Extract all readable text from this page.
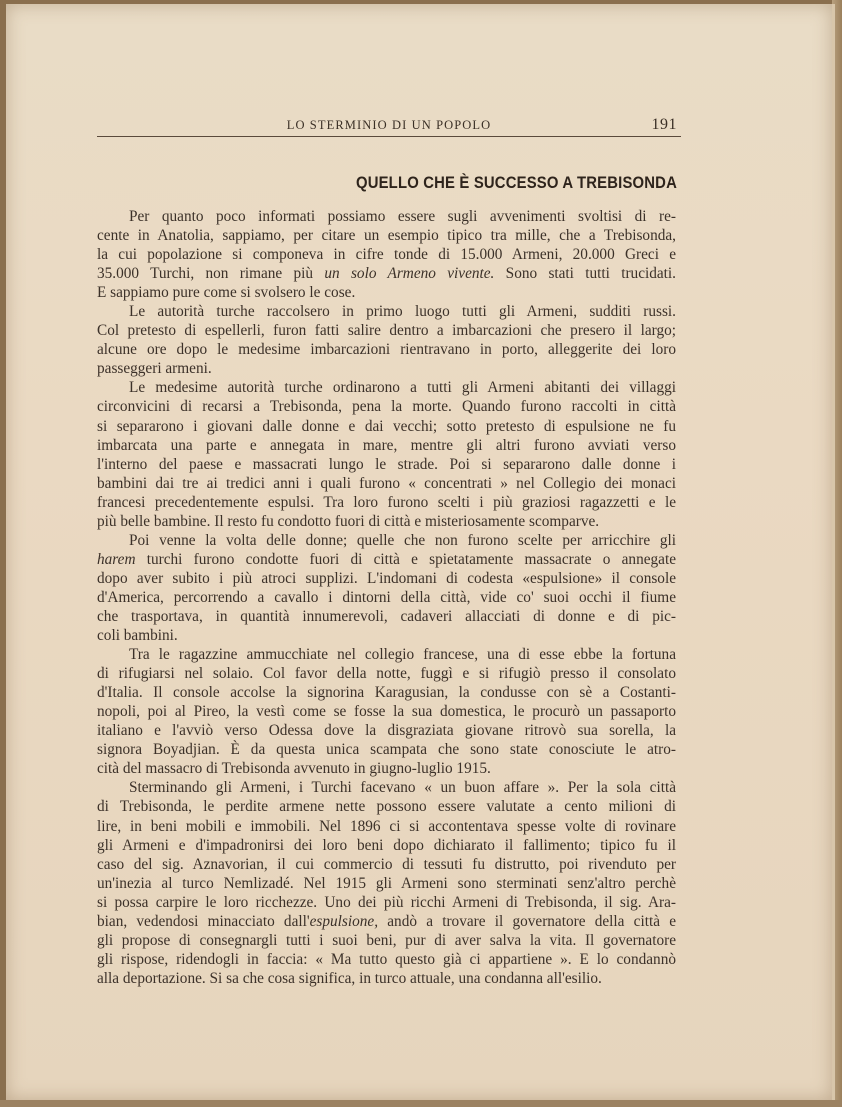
LO STERMINIO DI UN POPOLO	191
QUELLO CHE È SUCCESSO A TREBISONDA
Per quanto poco informati possiamo essere sugli avvenimenti svoltisi di re-
cente in Anatolia, sappiamo, per citare un esempio tipico tra mille, che a Trebisonda,
la cui popolazione si componeva in cifre tonde di 15.000 Armeni, 20.000 Greci e
35.000 Turchi, non rimane più un solo Armeno vivente. Sono stati tutti trucidati.
E sappiamo pure come si svolsero le cose.
Le autorità turche raccolsero in primo luogo tutti gli Armeni, sudditi russi.
Col pretesto di espellerli, furon fatti salire dentro a imbarcazioni che presero il largo;
alcune ore dopo le medesime imbarcazioni rientravano in porto, alleggerite dei loro
passeggeri armeni.
Le medesime autorità turche ordinarono a tutti gli Armeni abitanti dei villaggi
circonvicini di recarsi a Trebisonda, pena la morte. Quando furono raccolti in città
si separarono i giovani dalle donne e dai vecchi; sotto pretesto di espulsione ne fu
imbarcata una parte e annegata in mare, mentre gli altri furono avviati verso
l'interno del paese e massacrati lungo le strade. Poi si separarono dalle donne i
bambini dai tre ai tredici anni i quali furono « concentrati » nel Collegio dei monaci
francesi precedentemente espulsi. Tra loro furono scelti i più graziosi ragazzetti e le
più belle bambine. Il resto fu condotto fuori di città e misteriosamente scomparve.
Poi venne la volta delle donne; quelle che non furono scelte per arricchire gli
harem turchi furono condotte fuori di città e spietatamente massacrate o annegate
dopo aver subito i più atroci supplizi. L'indomani di codesta «espulsione» il console
d'America, percorrendo a cavallo i dintorni della città, vide co' suoi occhi il fiume
che trasportava, in quantità innumerevoli, cadaveri allacciati di donne e di pic-
coli bambini.
Tra le ragazzine ammucchiate nel collegio francese, una di esse ebbe la fortuna
di rifugiarsi nel solaio. Col favor della notte, fuggì e si rifugiò presso il consolato
d'Italia. Il console accolse la signorina Karagusian, la condusse con sè a Costanti-
nopoli, poi al Pireo, la vestì come se fosse la sua domestica, le procurò un passaporto
italiano e l'avviò verso Odessa dove la disgraziata giovane ritrovò sua sorella, la
signora Boyadjian. È da questa unica scampata che sono state conosciute le atro-
cità del massacro di Trebisonda avvenuto in giugno-luglio 1915.
Sterminando gli Armeni, i Turchi facevano « un buon affare ». Per la sola città
di Trebisonda, le perdite armene nette possono essere valutate a cento milioni di
lire, in beni mobili e immobili. Nel 1896 ci si accontentava spesse volte di rovinare
gli Armeni e d'impadronirsi dei loro beni dopo dichiarato il fallimento; tipico fu il
caso del sig. Aznavorian, il cui commercio di tessuti fu distrutto, poi rivenduto per
un'inezia al turco Nemlizadé. Nel 1915 gli Armeni sono sterminati senz'altro perchè
si possa carpire le loro ricchezze. Uno dei più ricchi Armeni di Trebisonda, il sig. Ara-
bian, vedendosi minacciato dall'espulsione, andò a trovare il governatore della città e
gli propose di consegnargli tutti i suoi beni, pur di aver salva la vita. Il governatore
gli rispose, ridendogli in faccia: « Ma tutto questo già ci appartiene ». E lo condannò
alla deportazione. Si sa che cosa significa, in turco attuale, una condanna all'esilio.
